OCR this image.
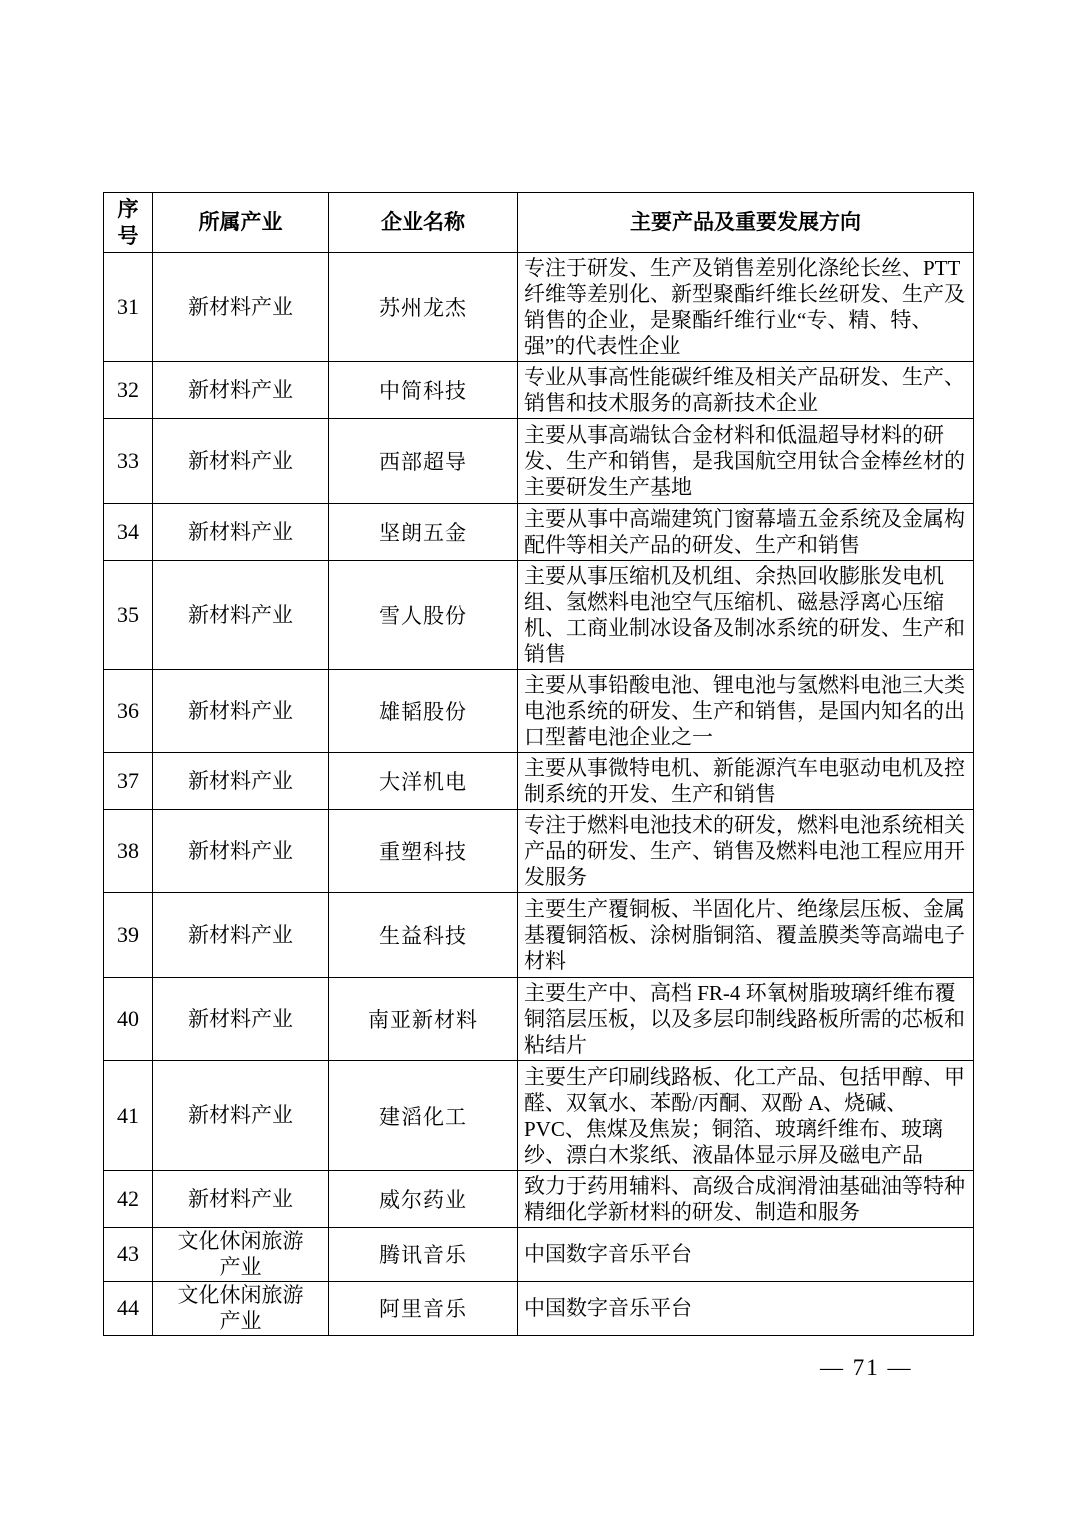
序号	所属产业	企业名称	主要产品及重要发展方向
31	新材料产业	苏州龙杰	专注于研发、生产及销售差别化涤纶长丝、PTT 纤维等差别化、新型聚酯纤维长丝研发、生产及销售的企业，是聚酯纤维行业“专、精、特、强”的代表性企业
32	新材料产业	中简科技	专业从事高性能碳纤维及相关产品研发、生产、销售和技术服务的高新技术企业
33	新材料产业	西部超导	主要从事高端钛合金材料和低温超导材料的研发、生产和销售，是我国航空用钛合金棒丝材的主要研发生产基地
34	新材料产业	坚朗五金	主要从事中高端建筑门窗幕墙五金系统及金属构配件等相关产品的研发、生产和销售
35	新材料产业	雪人股份	主要从事压缩机及机组、余热回收膨胀发电机组、氢燃料电池空气压缩机、磁悬浮离心压缩机、工商业制冰设备及制冰系统的研发、生产和销售
36	新材料产业	雄韬股份	主要从事铅酸电池、锂电池与氢燃料电池三大类电池系统的研发、生产和销售，是国内知名的出口型蓄电池企业之一
37	新材料产业	大洋机电	主要从事微特电机、新能源汽车电驱动电机及控制系统的开发、生产和销售
38	新材料产业	重塑科技	专注于燃料电池技术的研发，燃料电池系统相关产品的研发、生产、销售及燃料电池工程应用开发服务
39	新材料产业	生益科技	主要生产覆铜板、半固化片、绝缘层压板、金属基覆铜箔板、涂树脂铜箔、覆盖膜类等高端电子材料
40	新材料产业	南亚新材料	主要生产中、高档 FR-4 环氧树脂玻璃纤维布覆铜箔层压板，以及多层印制线路板所需的芯板和粘结片
41	新材料产业	建滔化工	主要生产印刷线路板、化工产品、包括甲醇、甲醛、双氧水、苯酚/丙酮、双酚 A、烧碱、PVC、焦煤及焦炭；铜箔、玻璃纤维布、玻璃纱、漂白木浆纸、液晶体显示屏及磁电产品
42	新材料产业	威尔药业	致力于药用辅料、高级合成润滑油基础油等特种精细化学新材料的研发、制造和服务
43	文化休闲旅游产业	腾讯音乐	中国数字音乐平台
44	文化休闲旅游产业	阿里音乐	中国数字音乐平台
— 71 —
